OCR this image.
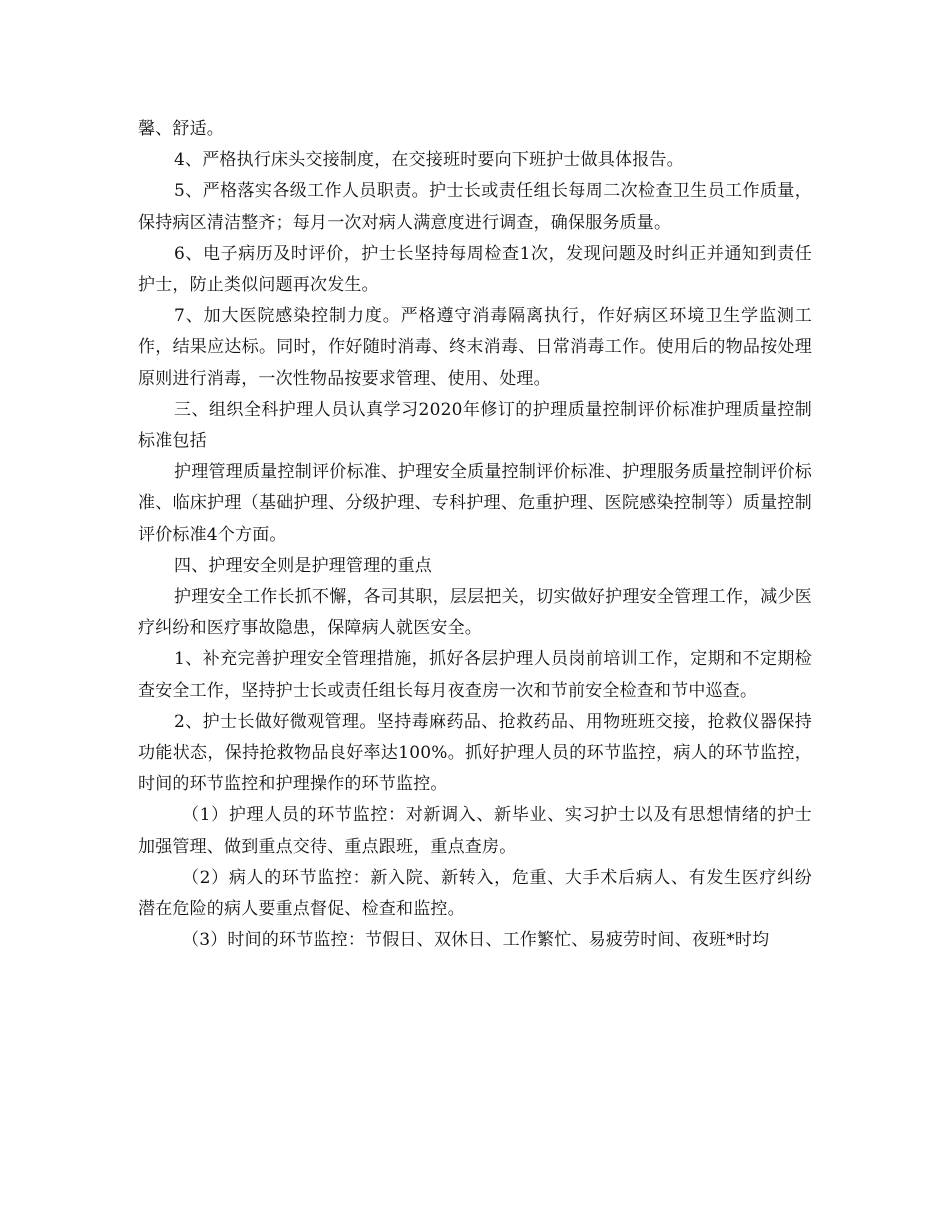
馨、舒适。

4、严格执行床头交接制度，在交接班时要向下班护士做具体报告。

5、严格落实各级工作人员职责。护士长或责任组长每周二次检查卫生员工作质量，保持病区清洁整齐；每月一次对病人满意度进行调查，确保服务质量。

6、电子病历及时评价，护士长坚持每周检查1次，发现问题及时纠正并通知到责任护士，防止类似问题再次发生。

7、加大医院感染控制力度。严格遵守消毒隔离执行，作好病区环境卫生学监测工作，结果应达标。同时，作好随时消毒、终末消毒、日常消毒工作。使用后的物品按处理原则进行消毒，一次性物品按要求管理、使用、处理。

三、组织全科护理人员认真学习2020年修订的护理质量控制评价标准护理质量控制标准包括

护理管理质量控制评价标准、护理安全质量控制评价标准、护理服务质量控制评价标准、临床护理（基础护理、分级护理、专科护理、危重护理、医院感染控制等）质量控制评价标准4个方面。

四、护理安全则是护理管理的重点

护理安全工作长抓不懈，各司其职，层层把关，切实做好护理安全管理工作，减少医疗纠纷和医疗事故隐患，保障病人就医安全。

1、补充完善护理安全管理措施，抓好各层护理人员岗前培训工作，定期和不定期检查安全工作，坚持护士长或责任组长每月夜查房一次和节前安全检查和节中巡查。

2、护士长做好微观管理。坚持毒麻药品、抢救药品、用物班班交接，抢救仪器保持功能状态，保持抢救物品良好率达100%。抓好护理人员的环节监控，病人的环节监控，时间的环节监控和护理操作的环节监控。

（1）护理人员的环节监控：对新调入、新毕业、实习护士以及有思想情绪的护士加强管理、做到重点交待、重点跟班，重点查房。

（2）病人的环节监控：新入院、新转入，危重、大手术后病人、有发生医疗纠纷潜在危险的病人要重点督促、检查和监控。

（3）时间的环节监控：节假日、双休日、工作繁忙、易疲劳时间、夜班*时均
